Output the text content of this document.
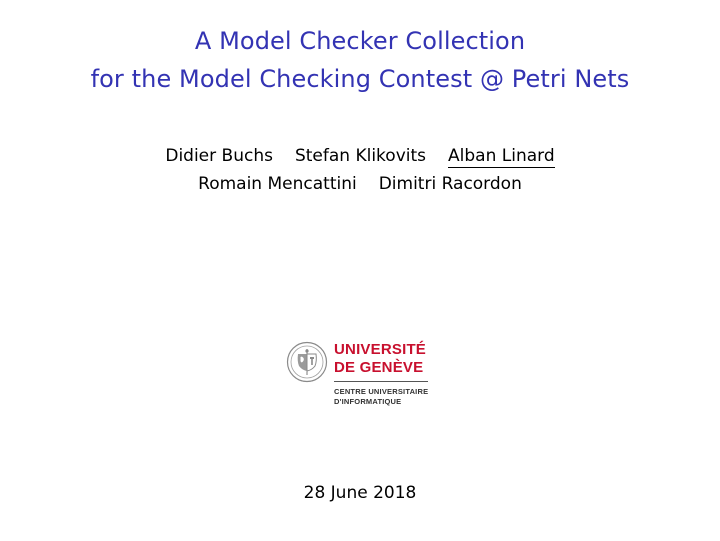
A Model Checker Collection
for the Model Checking Contest @ Petri Nets
Didier Buchs Stefan Klikovits Alban Linard
Romain Mencattini Dimitri Racordon
UNIVERSITÉ
DE GENÈVE
CENTRE UNIVERSITAIRE
D'INFORMATIQUE
28 June 2018
